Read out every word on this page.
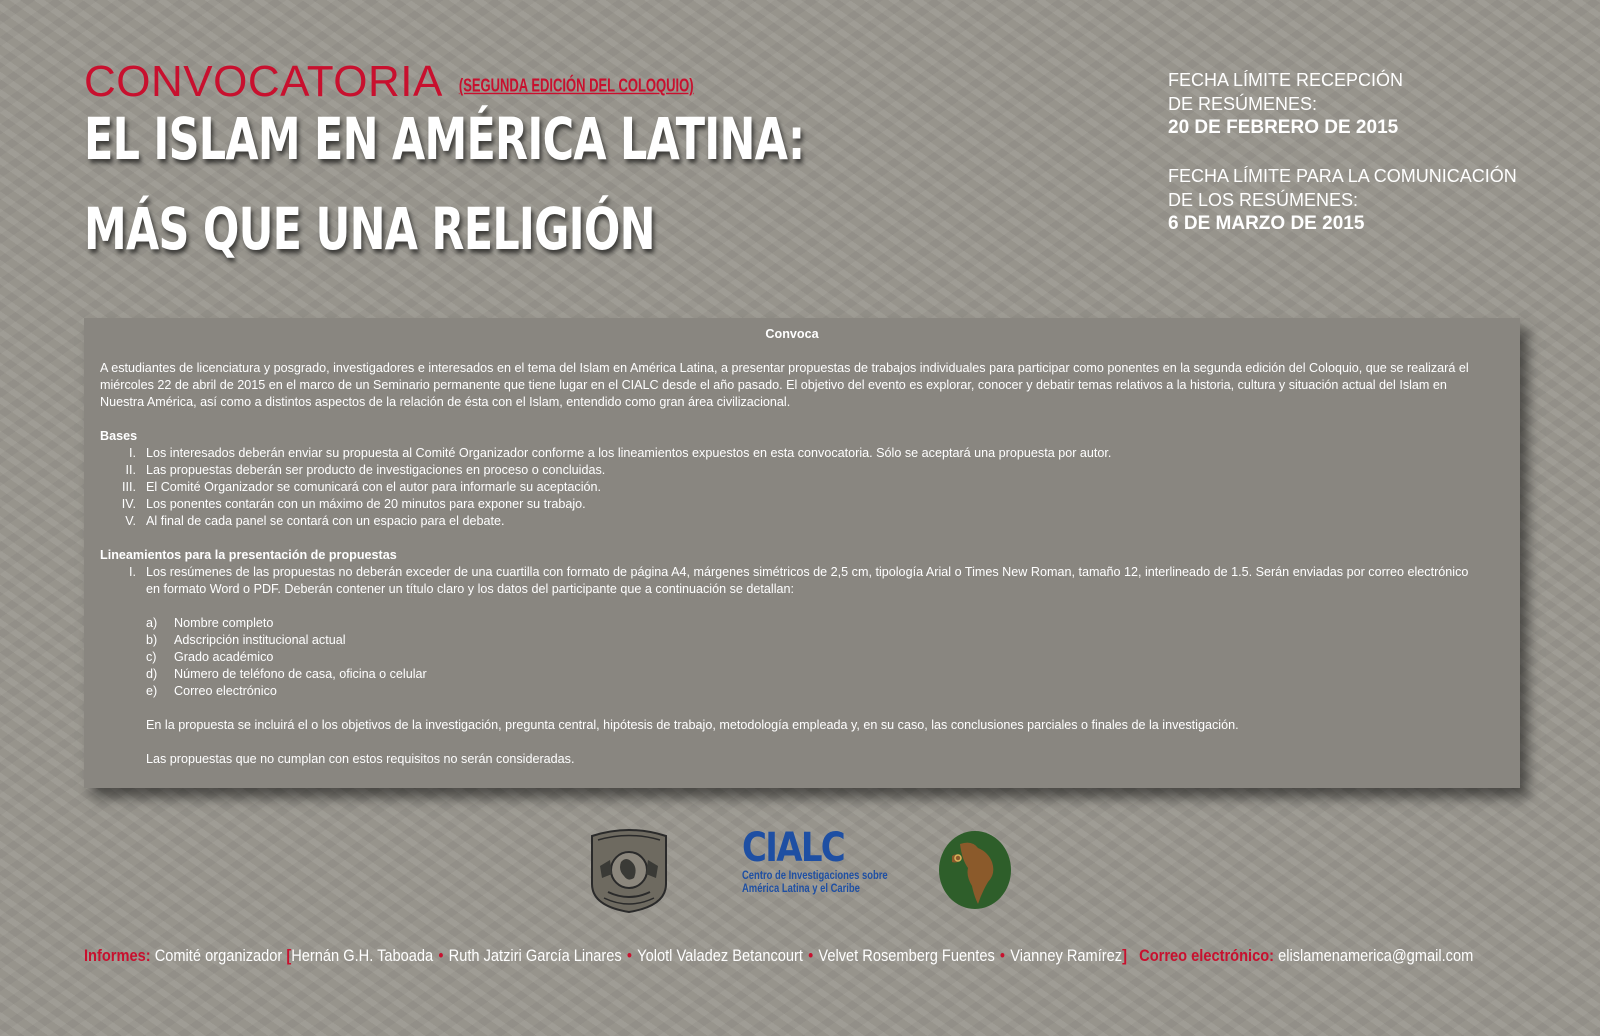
CONVOCATORIA (SEGUNDA EDICIÓN DEL COLOQUIO)
EL ISLAM EN AMÉRICA LATINA:
MÁS QUE UNA RELIGIÓN
FECHA LÍMITE RECEPCIÓN
DE RESÚMENES:
20 DE FEBRERO DE 2015
FECHA LÍMITE PARA LA COMUNICACIÓN
DE LOS RESÚMENES:
6 DE MARZO DE 2015
Convoca

A estudiantes de licenciatura y posgrado, investigadores e interesados en el tema del Islam en América Latina, a presentar propuestas de trabajos individuales para participar como ponentes en la segunda edición del Coloquio, que se realizará el miércoles 22 de abril de 2015 en el marco de un Seminario permanente que tiene lugar en el CIALC desde el año pasado. El objetivo del evento es explorar, conocer y debatir temas relativos a la historia, cultura y situación actual del Islam en Nuestra América, así como a distintos aspectos de la relación de ésta con el Islam, entendido como gran área civilizacional.

Bases
I. Los interesados deberán enviar su propuesta al Comité Organizador conforme a los lineamientos expuestos en esta convocatoria. Sólo se aceptará una propuesta por autor.
II. Las propuestas deberán ser producto de investigaciones en proceso o concluidas.
III. El Comité Organizador se comunicará con el autor para informarle su aceptación.
IV. Los ponentes contarán con un máximo de 20 minutos para exponer su trabajo.
V. Al final de cada panel se contará con un espacio para el debate.
Lineamientos para la presentación de propuestas
I. Los resúmenes de las propuestas no deberán exceder de una cuartilla con formato de página A4, márgenes simétricos de 2,5 cm, tipología Arial o Times New Roman, tamaño 12, interlineado de 1.5. Serán enviadas por correo electrónico en formato Word o PDF. Deberán contener un título claro y los datos del participante que a continuación se detallan:
a)	Nombre completo
b)	Adscripción institucional actual
c)	Grado académico
d)	Número de teléfono de casa, oficina o celular
e)	Correo electrónico

En la propuesta se incluirá el o los objetivos de la investigación, pregunta central, hipótesis de trabajo, metodología empleada y, en su caso, las conclusiones parciales o finales de la investigación.

Las propuestas que no cumplan con estos requisitos no serán consideradas.

CIALC
Centro de Investigaciones sobre
América Latina y el Caribe
Informes: Comité organizador [Hernán G.H. Taboada • Ruth Jatziri García Linares • Yolotl Valadez Betancourt • Velvet Rosemberg Fuentes • Vianney Ramírez] Correo electrónico: elislamenamerica@gmail.com
